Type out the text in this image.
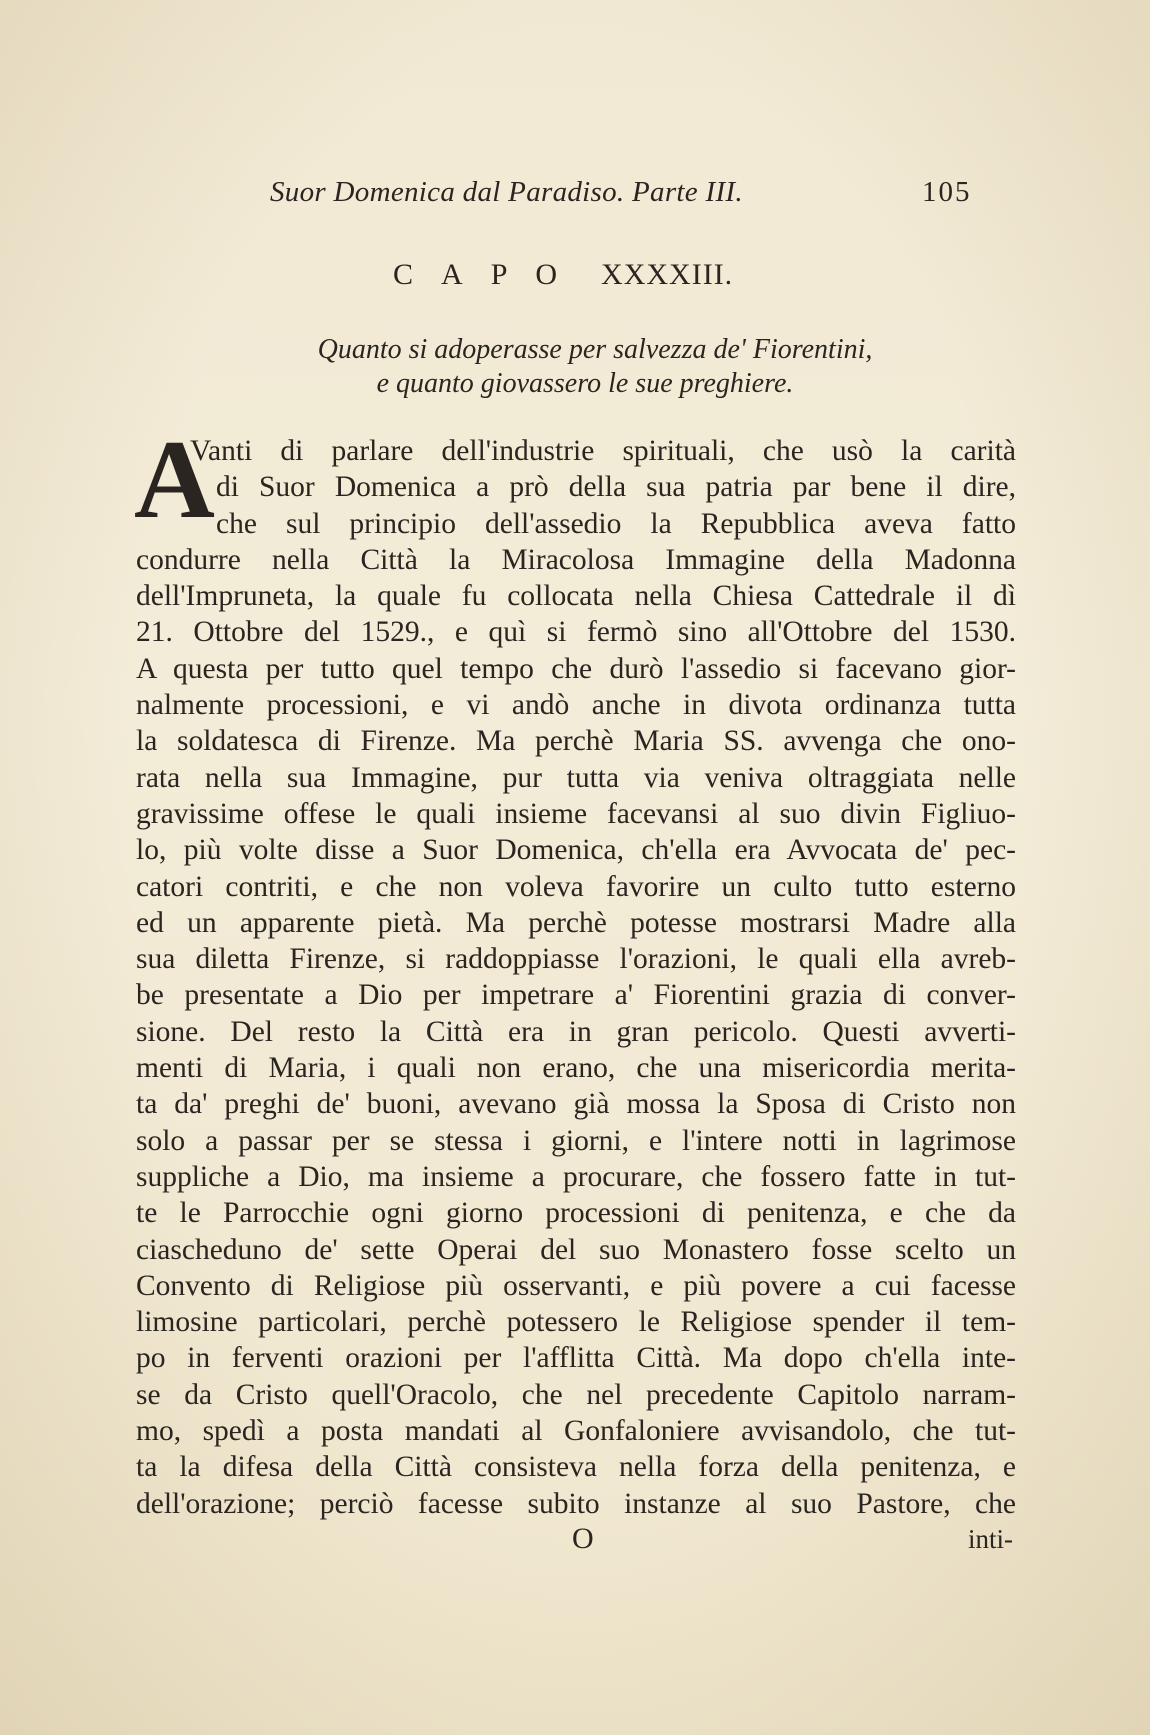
Suor Domenica dal Paradiso. Parte III.	105
C A P O XXXXIII.
Quanto si adoperasse per salvezza de' Fiorentini,
e quanto giovassero le sue preghiere.
A
Vanti di parlare dell'industrie spirituali, che usò la carità
di Suor Domenica a prò della sua patria par bene il dire,
che sul principio dell'assedio la Repubblica aveva fatto
condurre nella Città la Miracolosa Immagine della Madonna
dell'Impruneta, la quale fu collocata nella Chiesa Cattedrale il dì
21. Ottobre del 1529., e quì si fermò sino all'Ottobre del 1530.
A questa per tutto quel tempo che durò l'assedio si facevano gior-
nalmente processioni, e vi andò anche in divota ordinanza tutta
la soldatesca di Firenze. Ma perchè Maria SS. avvenga che ono-
rata nella sua Immagine, pur tutta via veniva oltraggiata nelle
gravissime offese le quali insieme facevansi al suo divin Figliuo-
lo, più volte disse a Suor Domenica, ch'ella era Avvocata de' pec-
catori contriti, e che non voleva favorire un culto tutto esterno
ed un apparente pietà. Ma perchè potesse mostrarsi Madre alla
sua diletta Firenze, si raddoppiasse l'orazioni, le quali ella avreb-
be presentate a Dio per impetrare a' Fiorentini grazia di conver-
sione. Del resto la Città era in gran pericolo. Questi avverti-
menti di Maria, i quali non erano, che una misericordia merita-
ta da' preghi de' buoni, avevano già mossa la Sposa di Cristo non
solo a passar per se stessa i giorni, e l'intere notti in lagrimose
suppliche a Dio, ma insieme a procurare, che fossero fatte in tut-
te le Parrocchie ogni giorno processioni di penitenza, e che da
ciascheduno de' sette Operai del suo Monastero fosse scelto un
Convento di Religiose più osservanti, e più povere a cui facesse
limosine particolari, perchè potessero le Religiose spender il tem-
po in ferventi orazioni per l'afflitta Città. Ma dopo ch'ella inte-
se da Cristo quell'Oracolo, che nel precedente Capitolo narram-
mo, spedì a posta mandati al Gonfaloniere avvisandolo, che tut-
ta la difesa della Città consisteva nella forza della penitenza, e
dell'orazione; perciò facesse subito instanze al suo Pastore, che
O	inti-
